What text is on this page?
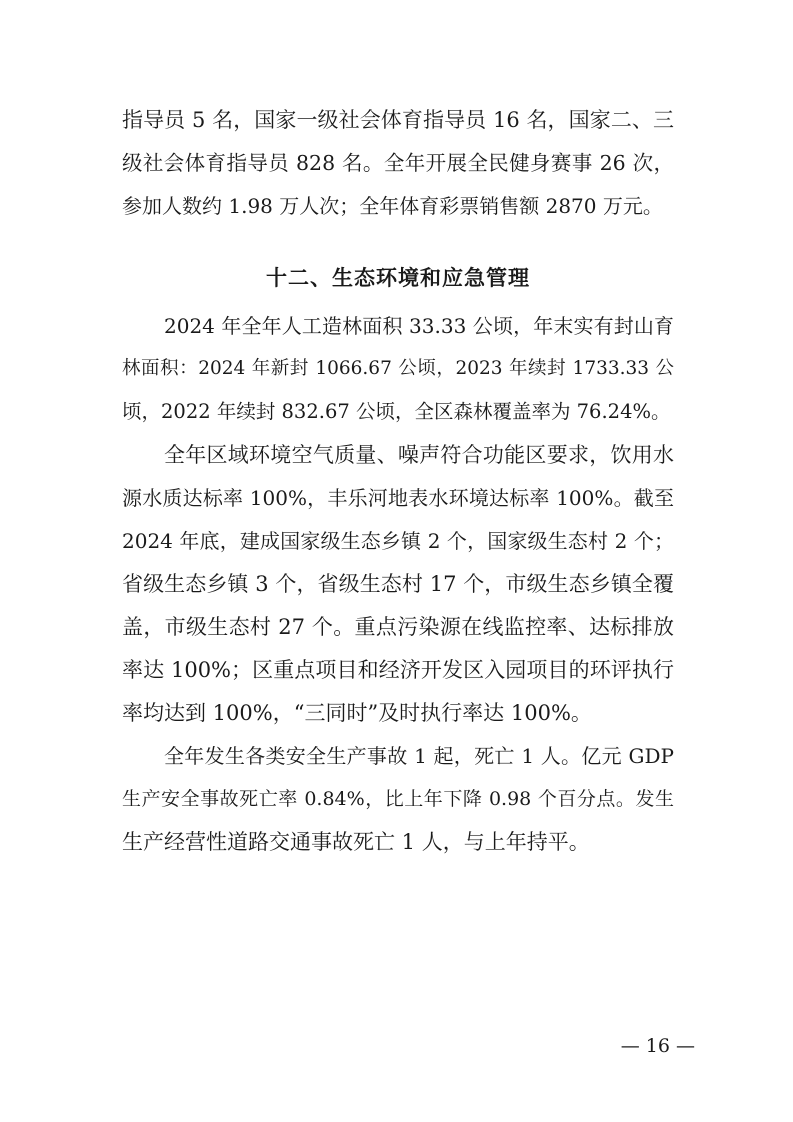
指导员 5 名，国家一级社会体育指导员 16 名，国家二、三
级社会体育指导员 828 名。全年开展全民健身赛事 26 次，
参加人数约 1.98 万人次；全年体育彩票销售额 2870 万元。
十二、生态环境和应急管理
2024 年全年人工造林面积 33.33 公顷，年末实有封山育
林面积：2024 年新封 1066.67 公顷，2023 年续封 1733.33 公
顷，2022 年续封 832.67 公顷，全区森林覆盖率为 76.24%。
全年区域环境空气质量、噪声符合功能区要求，饮用水
源水质达标率 100%，丰乐河地表水环境达标率 100%。截至
2024 年底，建成国家级生态乡镇 2 个，国家级生态村 2 个；
省级生态乡镇 3 个，省级生态村 17 个，市级生态乡镇全覆
盖，市级生态村 27 个。重点污染源在线监控率、达标排放
率达 100%；区重点项目和经济开发区入园项目的环评执行
率均达到 100%，“三同时”及时执行率达 100%。
全年发生各类安全生产事故 1 起，死亡 1 人。亿元 GDP
生产安全事故死亡率 0.84%，比上年下降 0.98 个百分点。发生
生产经营性道路交通事故死亡 1 人，与上年持平。
— 16 —
